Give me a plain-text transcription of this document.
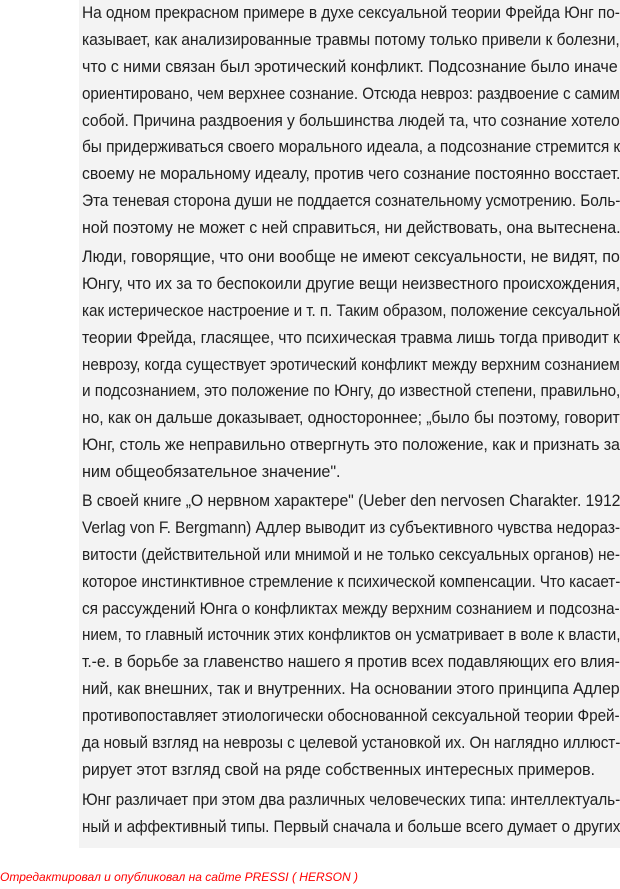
На одном прекрасном примере в духе сексуальной теории Фрейда Юнг по-
казывает, как анализированные травмы потому только привели к болезни,
что с ними связан был эротический конфликт. Подсознание было иначе
ориентировано, чем верхнее сознание. Отсюда невроз: раздвоение с самим
собой. Причина раздвоения у большинства людей та, что сознание хотело
бы придерживаться своего морального идеала, а подсознание стремится к
своему не моральному идеалу, против чего сознание постоянно восстает.
Эта теневая сторона души не поддается сознательному усмотрению. Боль-
ной поэтому не может с ней справиться, ни действовать, она вытеснена.
Люди, говорящие, что они вообще не имеют сексуальности, не видят, по
Юнгу, что их за то беспокоили другие вещи неизвестного происхождения,
как истерическое настроение и т. п. Таким образом, положение сексуальной
теории Фрейда, гласящее, что психическая травма лишь тогда приводит к
неврозу, когда существует эротический конфликт между верхним сознанием
и подсознанием, это положение по Юнгу, до известной степени, правильно,
но, как он дальше доказывает, одностороннее; „было бы поэтому, говорит
Юнг, столь же неправильно отвергнуть это положение, как и признать за
ним общеобязательное значение".
В своей книге „О нервном характере" (Ueber den nervosen Charakter. 1912
Verlag von F. Bergmann) Адлер выводит из субъективного чувства недораз-
витости (действительной или мнимой и не только сексуальных органов) не-
которое инстинктивное стремление к психической компенсации. Что касает-
ся рассуждений Юнга о конфликтах между верхним сознанием и подсозна-
нием, то главный источник этих конфликтов он усматривает в воле к власти,
т.-е. в борьбе за главенство нашего я против всех подавляющих его влия-
ний, как внешних, так и внутренних. На основании этого принципа Адлер
противопоставляет этиологически обоснованной сексуальной теории Фрей-
да новый взгляд на неврозы с целевой установкой их. Он наглядно иллюст-
рирует этот взгляд свой на ряде собственных интересных примеров.
Юнг различает при этом два различных человеческих типа: интеллектуаль-
ный и аффективный типы. Первый сначала и больше всего думает о других
Отредактировал и опубликовал на сайте PRESSI ( HERSON )
